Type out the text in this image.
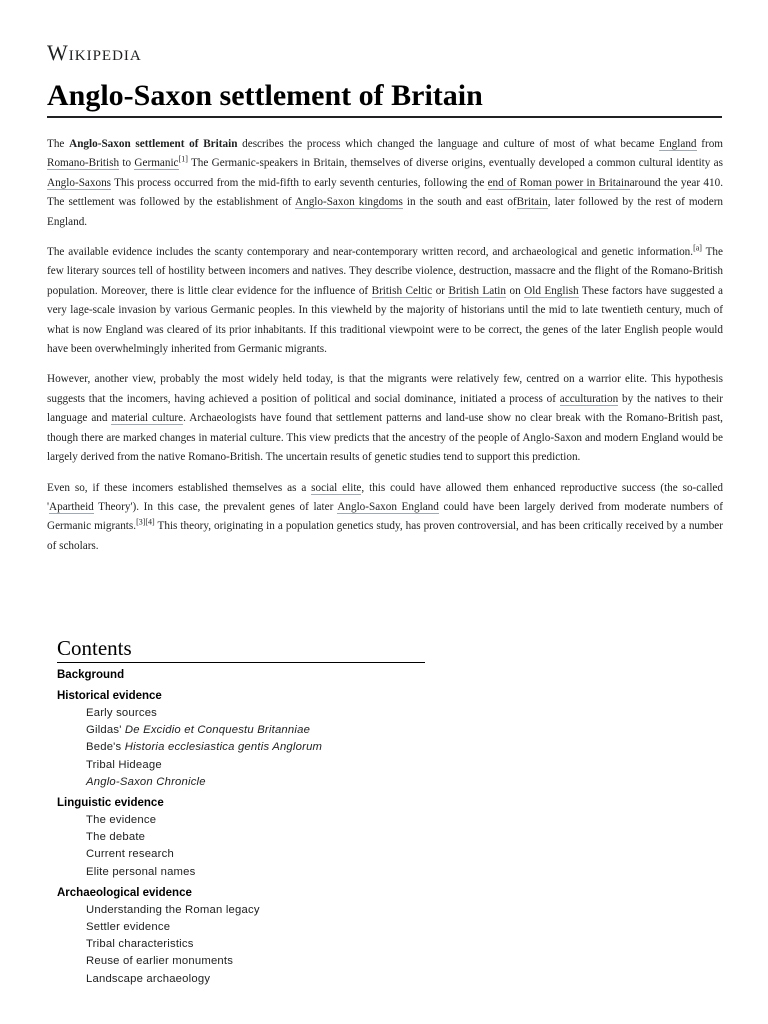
Wikipedia
Anglo-Saxon settlement of Britain

The Anglo-Saxon settlement of Britain describes the process which changed the language and culture of most of what became England from Romano-British to Germanic[1] The Germanic-speakers in Britain, themselves of diverse origins, eventually developed a common cultural identity as Anglo-Saxons This process occurred from the mid-fifth to early seventh centuries, following the end of Roman power in Britainaround the year 410. The settlement was followed by the establishment of Anglo-Saxon kingdoms in the south and east ofBritain, later followed by the rest of modern England.

The available evidence includes the scanty contemporary and near-contemporary written record, and archaeological and genetic information.[a] The few literary sources tell of hostility between incomers and natives. They describe violence, destruction, massacre and the flight of the Romano-British population. Moreover, there is little clear evidence for the influence of British Celtic or British Latin on Old English These factors have suggested a very lage-scale invasion by various Germanic peoples. In this viewheld by the majority of historians until the mid to late twentieth century, much of what is now England was cleared of its prior inhabitants. If this traditional viewpoint were to be correct, the genes of the later English people would have been overwhelmingly inherited from Germanic migrants.

However, another view, probably the most widely held today, is that the migrants were relatively few, centred on a warrior elite. This hypothesis suggests that the incomers, having achieved a position of political and social dominance, initiated a process of acculturation by the natives to their language and material culture. Archaeologists have found that settlement patterns and land-use show no clear break with the Romano-British past, though there are marked changes in material culture. This view predicts that the ancestry of the people of Anglo-Saxon and modern England would be largely derived from the native Romano-British. The uncertain results of genetic studies tend to support this prediction.

Even so, if these incomers established themselves as a social elite, this could have allowed them enhanced reproductive success (the so-called 'Apartheid Theory'). In this case, the prevalent genes of later Anglo-Saxon England could have been largely derived from moderate numbers of Germanic migrants.[3][4] This theory, originating in a population genetics study, has proven controversial, and has been critically received by a number of scholars.

Contents
Background
Historical evidence
Early sources
Gildas' De Excidio et Conquestu Britanniae
Bede's Historia ecclesiastica gentis Anglorum
Tribal Hideage
Anglo-Saxon Chronicle
Linguistic evidence
The evidence
The debate
Current research
Elite personal names
Archaeological evidence
Understanding the Roman legacy
Settler evidence
Tribal characteristics
Reuse of earlier monuments
Landscape archaeology
